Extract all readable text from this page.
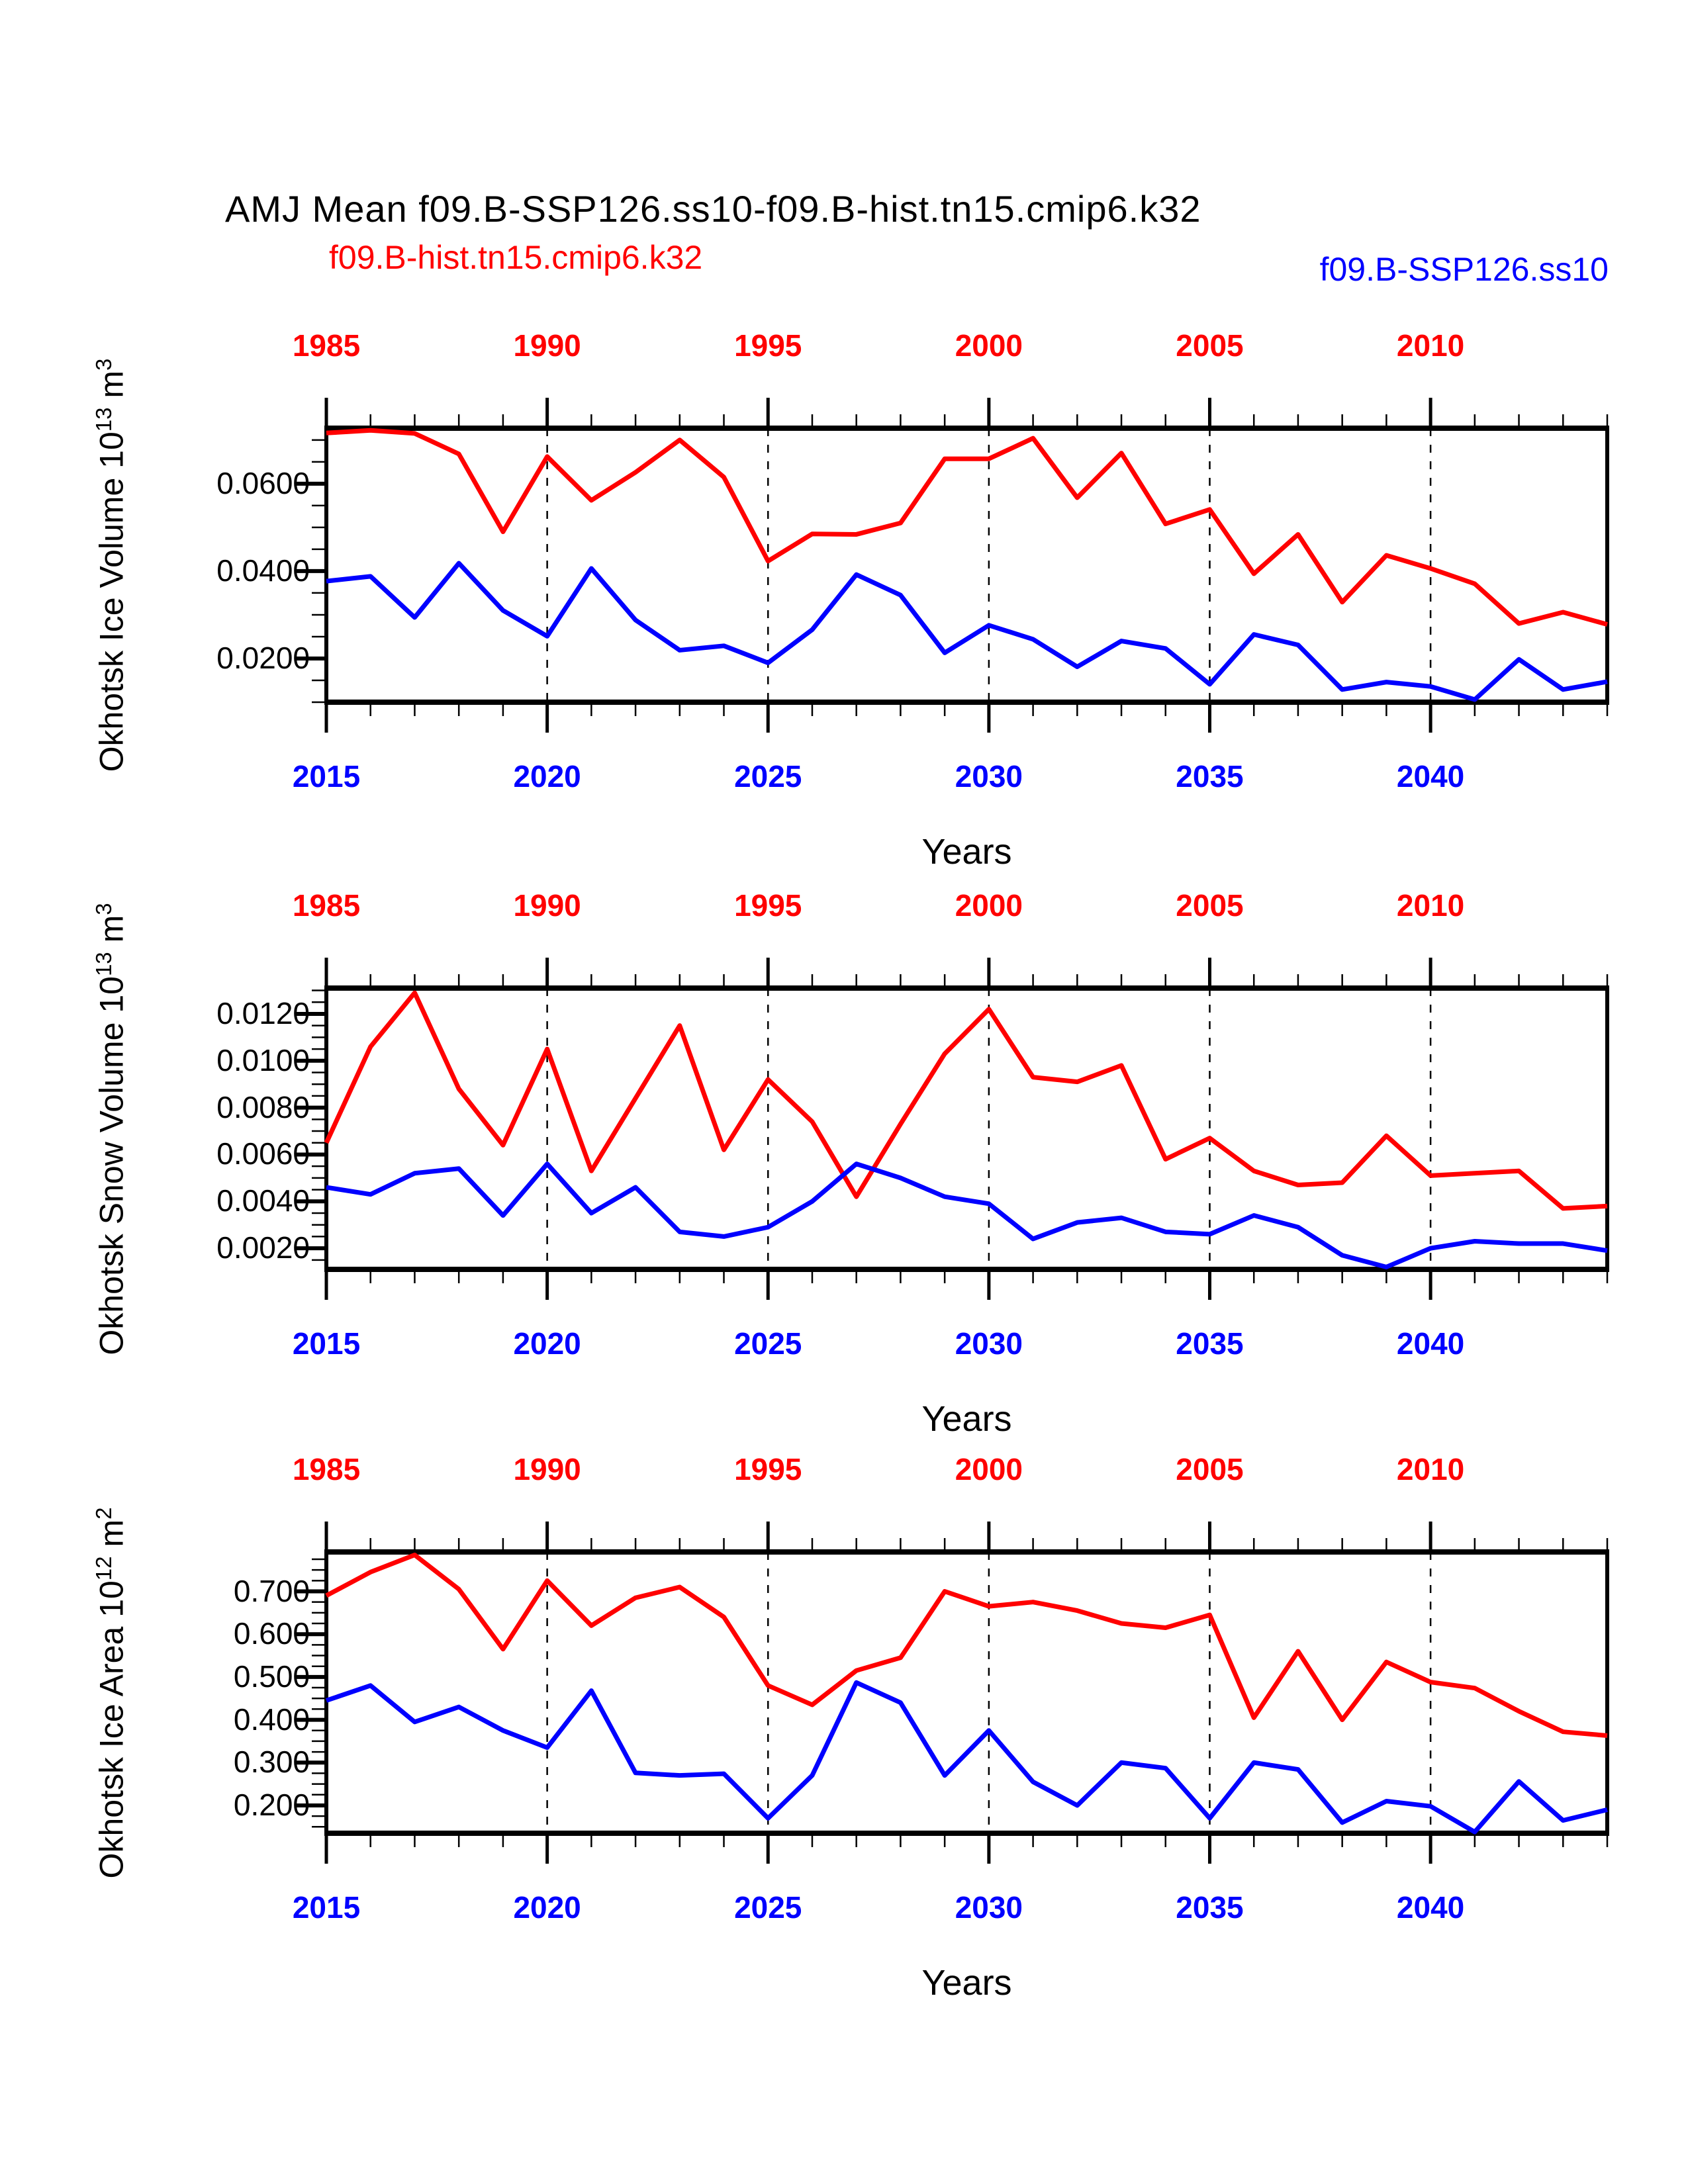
AMJ Mean f09.B-SSP126.ss10-f09.B-hist.tn15.cmip6.k32
f09.B-hist.tn15.cmip6.k32	f09.B-SSP126.ss10
0.0200
0.0400
0.0600
1985	1990	1995	2000	2005	2010
2015	2020	2025	2030	2035	2040
Years
Okhotsk Ice Volume $10^{13}$ $m^3$
0.0020
0.0040
0.0060
0.0080
0.0100
0.0120
1985	1990	1995	2000	2005	2010
2015	2020	2025	2030	2035	2040
Years
Okhotsk Snow Volume $10^{13}$ $m^3$
0.200
0.300
0.400
0.500
0.600
0.700
1985	1990	1995	2000	2005	2010
2015	2020	2025	2030	2035	2040
Years
Okhotsk Ice Area $10^{12}$ $m^2$
